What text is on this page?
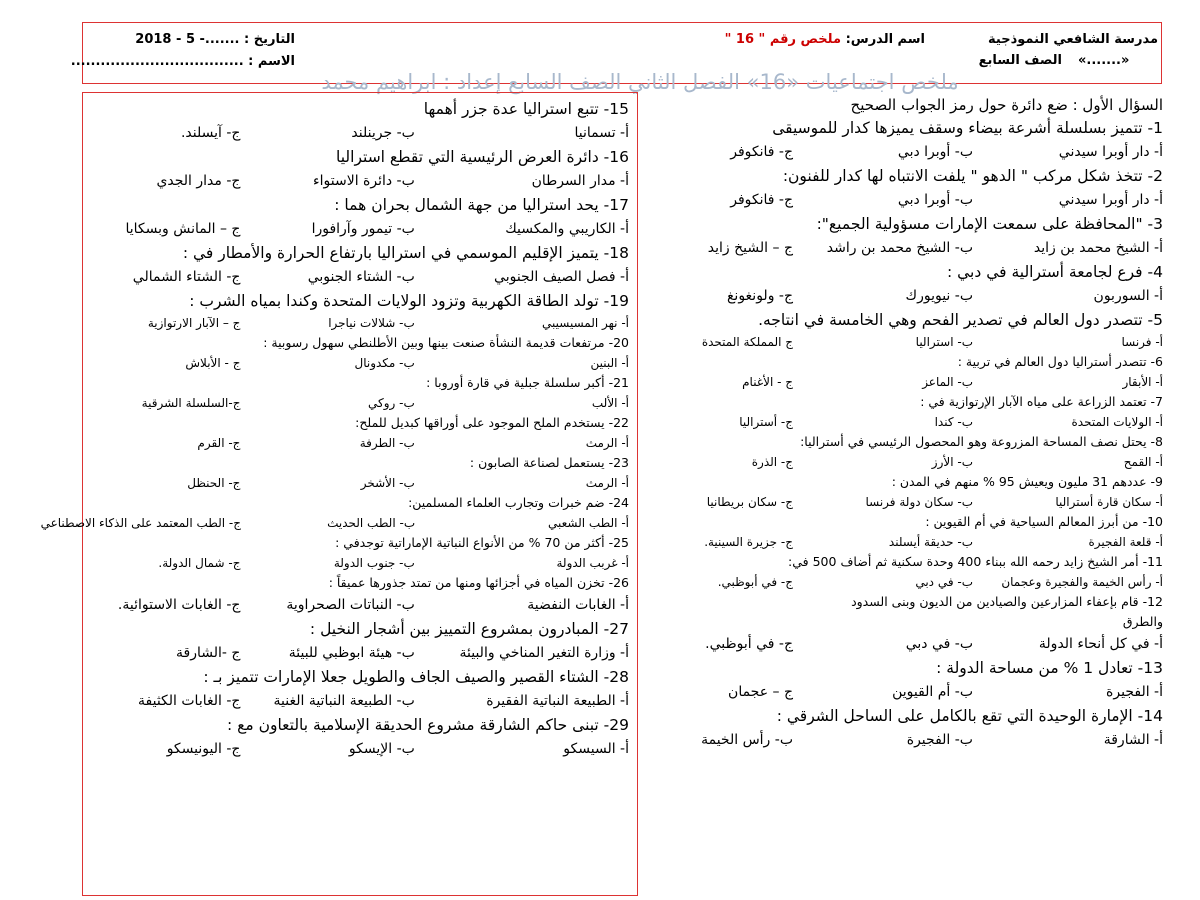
مدرسة الشافعي النموذجية
اسم الدرس: ملخص رقم " 16 "
التاريخ : .......- 5 - 2018
الصف السابع «.......»
الاسم : ...................................
ملخص اجتماعيات «16» الفصل الثاني الصف السابع إعداد : ابراهيم محمد
السؤال الأول : ضع دائرة حول رمز الجواب الصحيح
1- تتميز بسلسلة أشرعة بيضاء وسقف يميزها كدار للموسيقى
أ- دار أوبرا سيدني
ب- أوبرا دبي
ج- فانكوفر
2- تتخذ شكل مركب " الدهو " يلفت الانتباه لها كدار للفنون:
أ- دار أوبرا سيدني
ب- أوبرا دبي
ج- فانكوفر
3- "المحافظة على سمعت الإمارات مسؤولية الجميع":
أ- الشيخ محمد بن زايد
ب- الشيخ محمد بن راشد
ج – الشيخ زايد
4- فرع لجامعة أسترالية في دبي :
أ- السوربون
ب- نيويورك
ج- ولونغونغ
5- تتصدر دول العالم في تصدير الفحم وهي الخامسة في انتاجه.
أ- فرنسا
ب- استراليا
ج المملكة المتحدة
6- تتصدر أستراليا دول العالم في تربية :
أ- الأبقار
ب- الماعز
ج - الأغنام
7- تعتمد الزراعة على مياه الآبار الإرتوازية في :
أ- الولايات المتحدة
ب- كندا
ج- أستراليا
8- يحتل نصف المساحة المزروعة وهو المحصول الرئيسي في أستراليا:
أ- القمح
ب- الأرز
ج- الذرة
9- عددهم 31 مليون ويعيش 95 % منهم في المدن :
أ- سكان قارة أستراليا
ب- سكان دولة فرنسا
ج- سكان بريطانيا
10- من أبرز المعالم السياحية في أم القيوين :
أ- قلعة الفجيرة
ب- حديقة أيسلند
ج- جزيرة السينية.
11- أمر الشيخ زايد رحمه الله ببناء 400 وحدة سكنية ثم أضاف 500 في:
أ- رأس الخيمة والفجيرة وعجمان
ب- في دبي
ج- في أبوظبي.
12- قام بإعفاء المزارعين والصيادين من الديون وبنى السدود
والطرق
أ- في كل أنحاء الدولة
ب- في دبي
ج- في أبوظبي.
13- تعادل 1 % من مساحة الدولة :
أ- الفجيرة
ب- أم القيوين
ج – عجمان
14- الإمارة الوحيدة التي تقع بالكامل على الساحل الشرقي :
أ- الشارقة
ب- الفجيرة
ب- رأس الخيمة
15- تتبع استراليا عدة جزر أهمها
أ- تسمانيا
ب- جرينلند
ج- آيسلند.
16- دائرة العرض الرئيسية التي تقطع استراليا
أ- مدار السرطان
ب- دائرة الاستواء
ج- مدار الجدي
17- يحد استراليا من جهة الشمال بحران هما :
أ- الكاريبي والمكسيك
ب- تيمور وآرافورا
ج – المانش وبسكايا
18- يتميز الإقليم الموسمي في استراليا بارتفاع الحرارة والأمطار في :
أ- فصل الصيف الجنوبي
ب- الشتاء الجنوبي
ج- الشتاء الشمالي
19- تولد الطاقة الكهربية وتزود الولايات المتحدة وكندا بمياه الشرب :
أ- نهر المسيسيبي
ب- شلالات نياجرا
ج – الآبار الارتوازية
20- مرتفعات قديمة النشأة صنعت بينها وبين الأطلنطي سهول رسوبية :
أ- البنين
ب- مكدونال
ج - الأبلاش
21- أكبر سلسلة جبلية في قارة أوروبا :
أ- الألب
ب- روكي
ج-السلسلة الشرقية
22- يستخدم الملح الموجود على أوراقها كبديل للملح:
أ- الرمث
ب- الطرفة
ج- القرم
23- يستعمل لصناعة الصابون :
أ- الرمث
ب- الأشخر
ج- الحنظل
24- ضم خبرات وتجارب العلماء المسلمين:
أ- الطب الشعبي
ب- الطب الحديث
ج- الطب المعتمد على الذكاء الاصطناعي
25- أكثر من 70 % من الأنواع النباتية الإماراتية توجدفي :
أ- غربب الدولة
ب- جنوب الدولة
ج- شمال الدولة.
26- تخزن المياه في أجزائها ومنها من تمتد جذورها عميقاً :
أ- الغابات النفضية
ب- النباتات الصحراوية
ج- الغابات الاستوائية.
27- المبادرون بمشروع التمييز بين أشجار النخيل :
أ- وزارة التغير المناخي والبيئة
ب- هيئة ابوظبي للبيئة
ج -الشارقة
28- الشتاء القصير والصيف الجاف والطويل جعلا الإمارات تتميز بـ :
أ- الطبيعة النباتية الفقيرة
ب- الطبيعة النباتية الغنية
ج- الغابات الكثيفة
29- تبنى حاكم الشارقة مشروع الحديقة الإسلامية بالتعاون مع :
أ- السيسكو
ب- الإيسكو
ج- اليونيسكو
